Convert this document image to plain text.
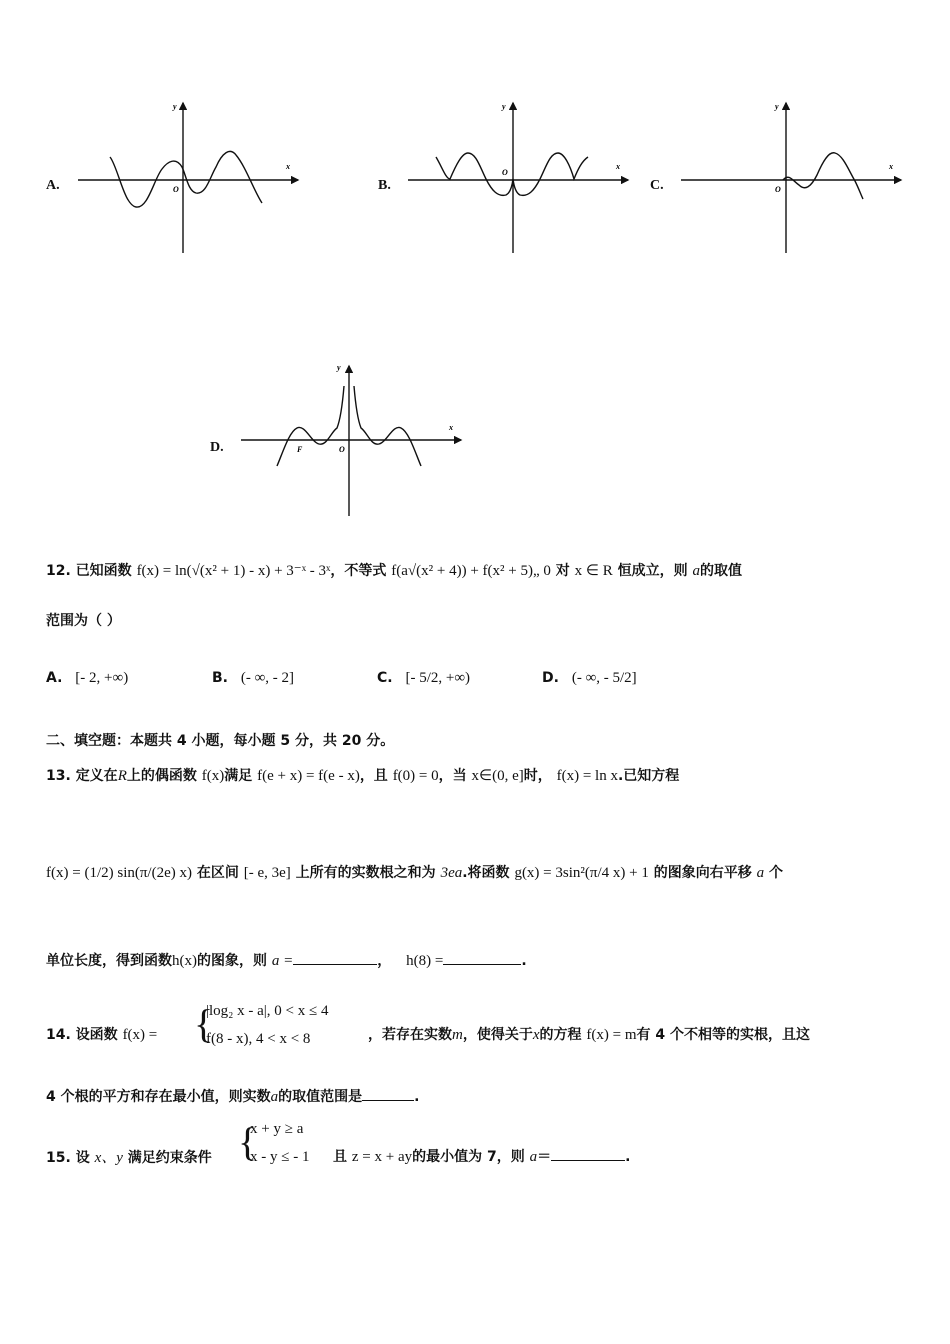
A.
x
y
O	B.
x
y
O
C.
x
y
O
D.
x
y
O
F
12. 已知函数 f(x) = ln(√(x² + 1) - x) + 3⁻ˣ - 3ˣ，不等式 f(a√(x² + 4)) + f(x² + 5)„ 0 对 x ∈ R 恒成立，则 a的取值
范围为（ ）
A. [- 2, +∞)	B. (- ∞, - 2]	C. [- 5/2, +∞)	D. (- ∞, - 5/2]
二、填空题：本题共 4 小题，每小题 5 分，共 20 分。
13. 定义在R上的偶函数 f(x)满足 f(e + x) = f(e - x)，且 f(0) = 0，当 x∈(0, e]时， f(x) = ln x.已知方程
f(x) = (1/2) sin(π/(2e) x) 在区间 [- e, 3e] 上所有的实数根之和为 3ea.将函数 g(x) = 3sin²(π/4 x) + 1 的图象向右平移 a 个
单位长度，得到函数h(x)的图象，则 a =	， h(8) =	.
14. 设函数 f(x) = {
|log₂ x - a|, 0 < x ≤ 4
f(8 - x), 4 < x < 8	，若存在实数m，使得关于x的方程 f(x) = m有 4 个不相等的实根，且这
4 个根的平方和存在最小值，则实数a的取值范围是	.
15. 设 x、y 满足约束条件 {
x + y ≥ a
x - y ≤ - 1 且 z = x + ay的最小值为 7，则 a＝	.
